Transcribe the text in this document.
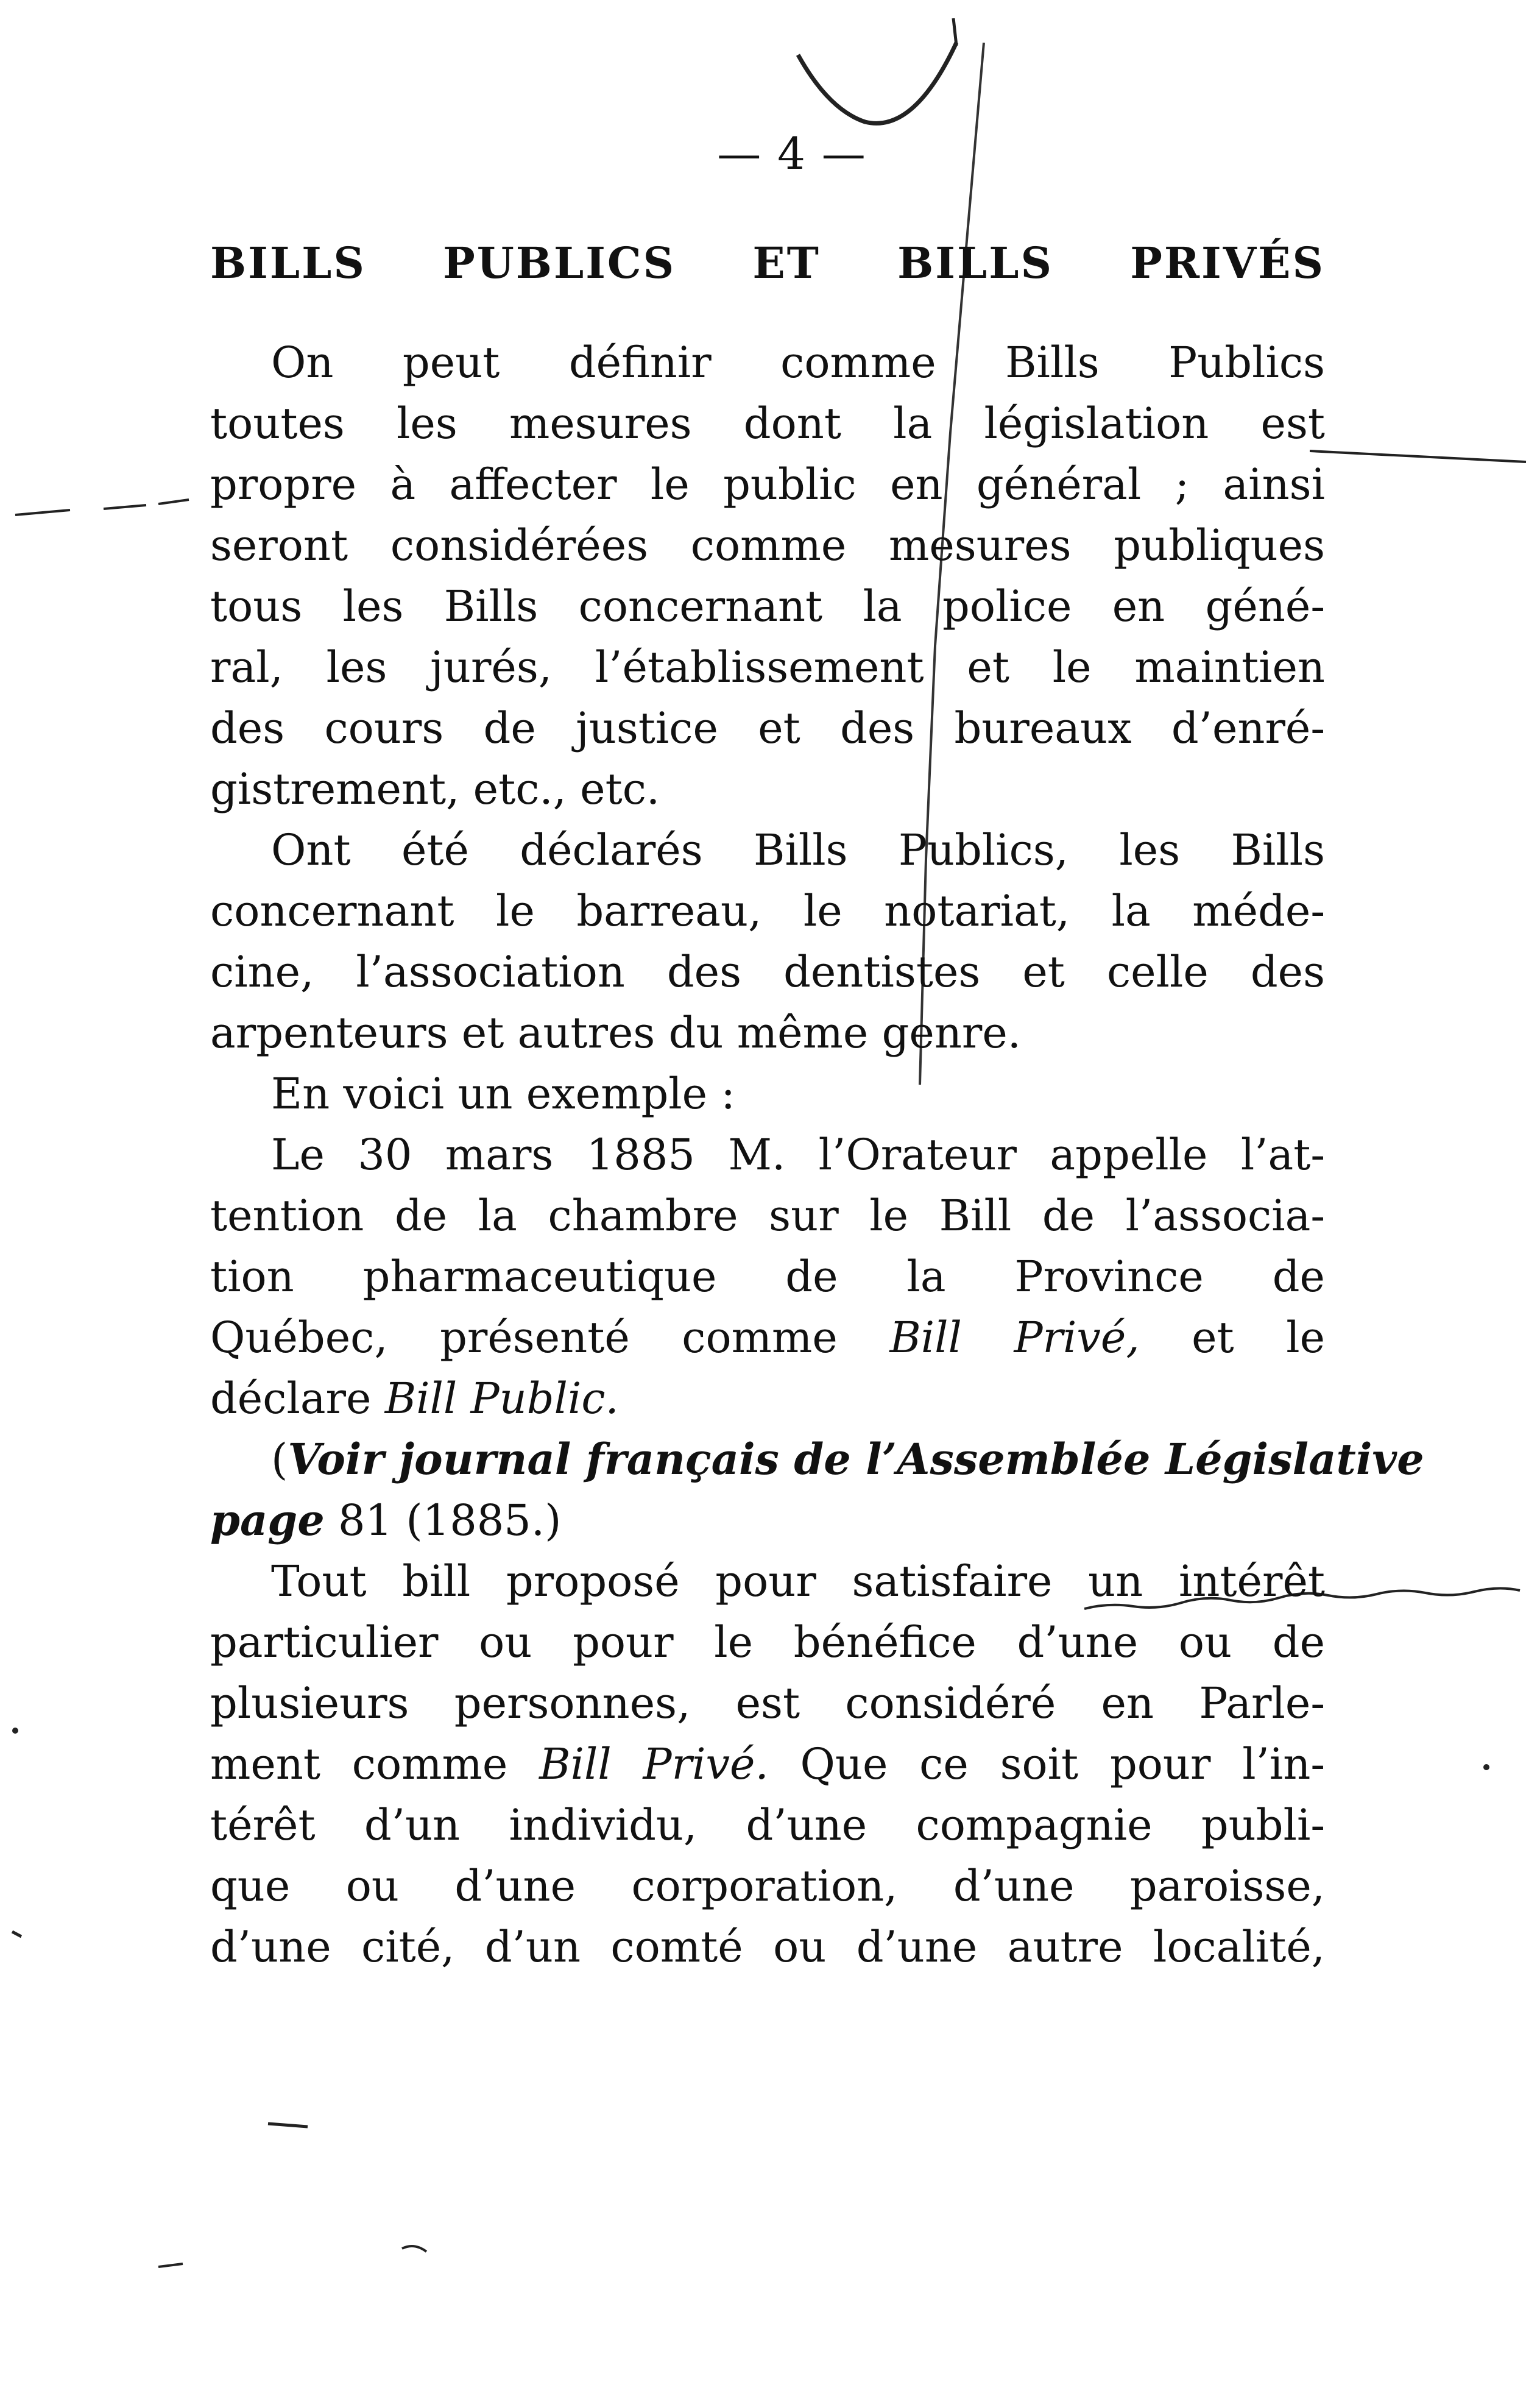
— 4 —
BILLS PUBLICS ET BILLS PRIVÉS
On peut définir comme Bills Publics
toutes les mesures dont la législation est
propre à affecter le public en général ; ainsi
seront considérées comme mesures publiques
tous les Bills concernant la police en géné-
ral, les jurés, l’établissement et le maintien
des cours de justice et des bureaux d’enré-
gistrement, etc., etc.
Ont été déclarés Bills Publics, les Bills
concernant le barreau, le notariat, la méde-
cine, l’association des dentistes et celle des
arpenteurs et autres du même genre.
En voici un exemple :
Le 30 mars 1885 M. l’Orateur appelle l’at-
tention de la chambre sur le Bill de l’associa-
tion pharmaceutique de la Province de
Québec, présenté comme Bill Privé, et le
déclare Bill Public.
(Voir journal français de l’Assemblée Législative
page 81 (1885.)
Tout bill proposé pour satisfaire un intérêt
particulier ou pour le bénéfice d’une ou de
plusieurs personnes, est considéré en Parle-
ment comme Bill Privé. Que ce soit pour l’in-
térêt d’un individu, d’une compagnie publi-
que ou d’une corporation, d’une paroisse,
d’une cité, d’un comté ou d’une autre localité,
